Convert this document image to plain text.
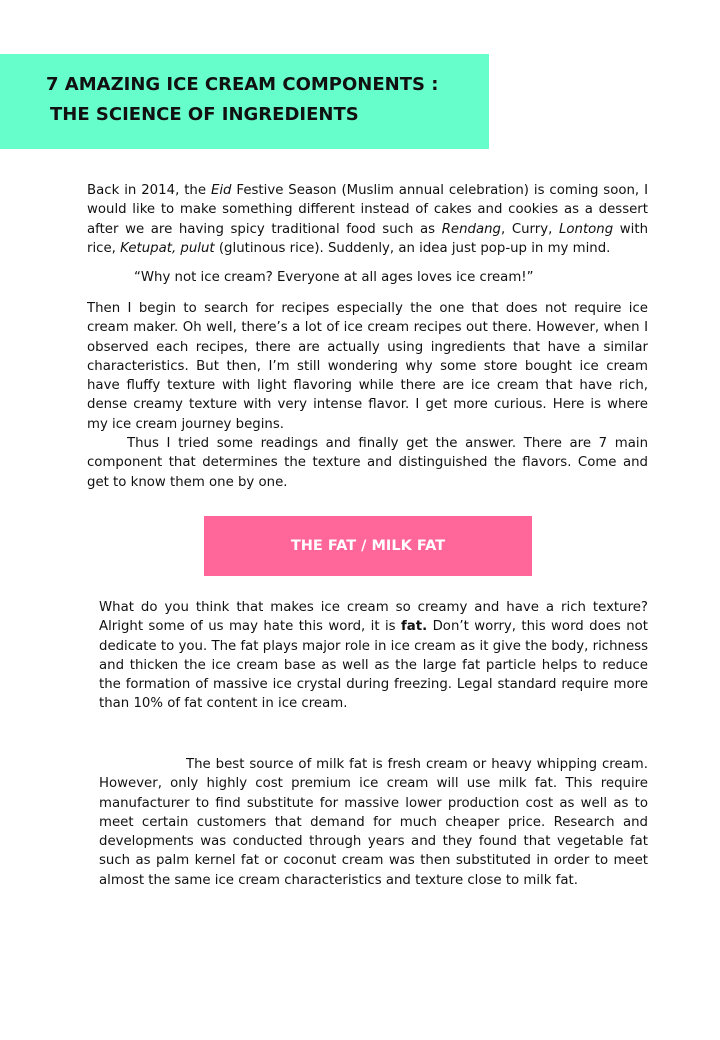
7 AMAZING ICE CREAM COMPONENTS :
THE SCIENCE OF INGREDIENTS

Back in 2014, the Eid Festive Season (Muslim annual celebration) is coming soon, I would like to make something different instead of cakes and cookies as a dessert after we are having spicy traditional food such as Rendang, Curry, Lontong with rice, Ketupat, pulut (glutinous rice). Suddenly, an idea just pop-up in my mind.

“Why not ice cream? Everyone at all ages loves ice cream!”

Then I begin to search for recipes especially the one that does not require ice cream maker. Oh well, there’s a lot of ice cream recipes out there. However, when I observed each recipes, there are actually using ingredients that have a similar characteristics. But then, I’m still wondering why some store bought ice cream have fluffy texture with light flavoring while there are ice cream that have rich, dense creamy texture with very intense flavor. I get more curious. Here is where my ice cream journey begins.

Thus I tried some readings and finally get the answer. There are 7 main component that determines the texture and distinguished the flavors. Come and get to know them one by one.

THE FAT / MILK FAT

What do you think that makes ice cream so creamy and have a rich texture? Alright some of us may hate this word, it is fat. Don’t worry, this word does not dedicate to you. The fat plays major role in ice cream as it give the body, richness and thicken the ice cream base as well as the large fat particle helps to reduce the formation of massive ice crystal during freezing. Legal standard require more than 10% of fat content in ice cream.

The best source of milk fat is fresh cream or heavy whipping cream. However, only highly cost premium ice cream will use milk fat. This require manufacturer to find substitute for massive lower production cost as well as to meet certain customers that demand for much cheaper price. Research and developments was conducted through years and they found that vegetable fat such as palm kernel fat or coconut cream was then substituted in order to meet almost the same ice cream characteristics and texture close to milk fat.
